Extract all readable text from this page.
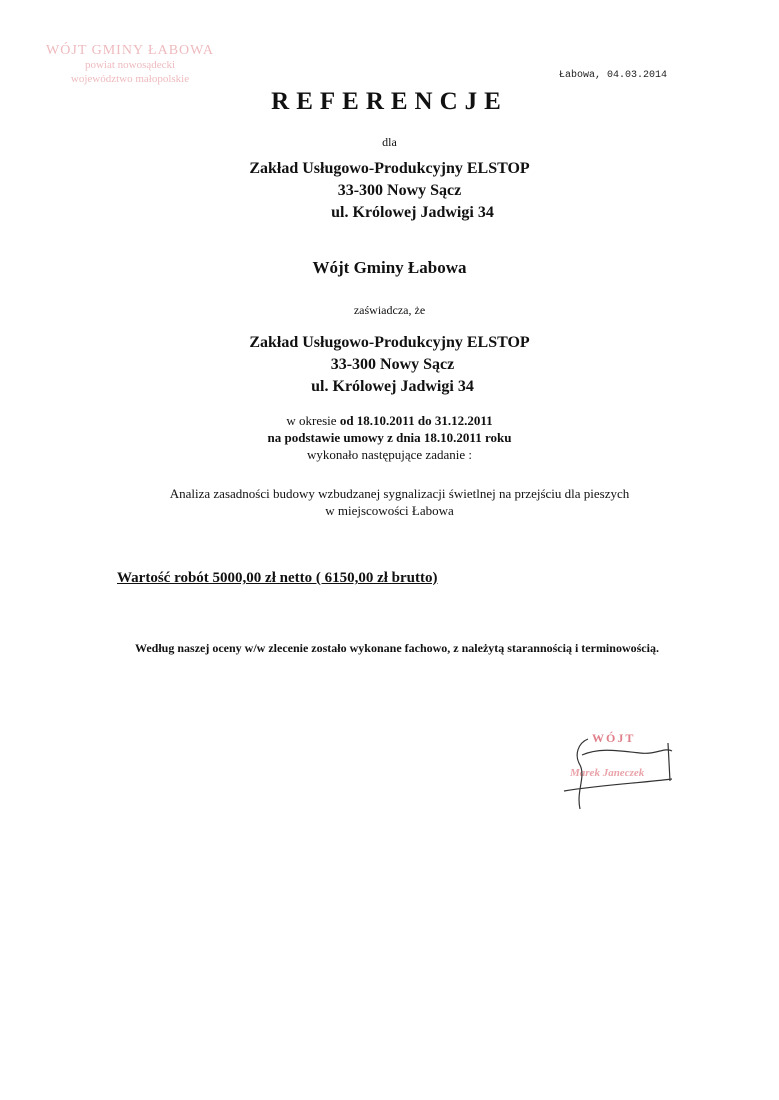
WÓJT GMINY ŁABOWA
powiat nowosądecki
województwo małopolskie	Łabowa, 04.03.2014
REFERENCJE
dla
Zakład Usługowo-Produkcyjny ELSTOP
33-300 Nowy Sącz
ul. Królowej Jadwigi 34
Wójt Gminy Łabowa
zaświadcza, że
Zakład Usługowo-Produkcyjny ELSTOP
33-300 Nowy Sącz
ul. Królowej Jadwigi 34
w okresie od 18.10.2011 do 31.12.2011
na podstawie umowy z dnia 18.10.2011 roku
wykonało następujące zadanie :
Analiza zasadności budowy wzbudzanej sygnalizacji świetlnej na przejściu dla pieszych
w miejscowości Łabowa
Wartość robót 5000,00 zł netto ( 6150,00 zł brutto)
Według naszej oceny w/w zlecenie zostało wykonane fachowo, z należytą starannością i terminowością.
WÓJT
Marek Janeczek
